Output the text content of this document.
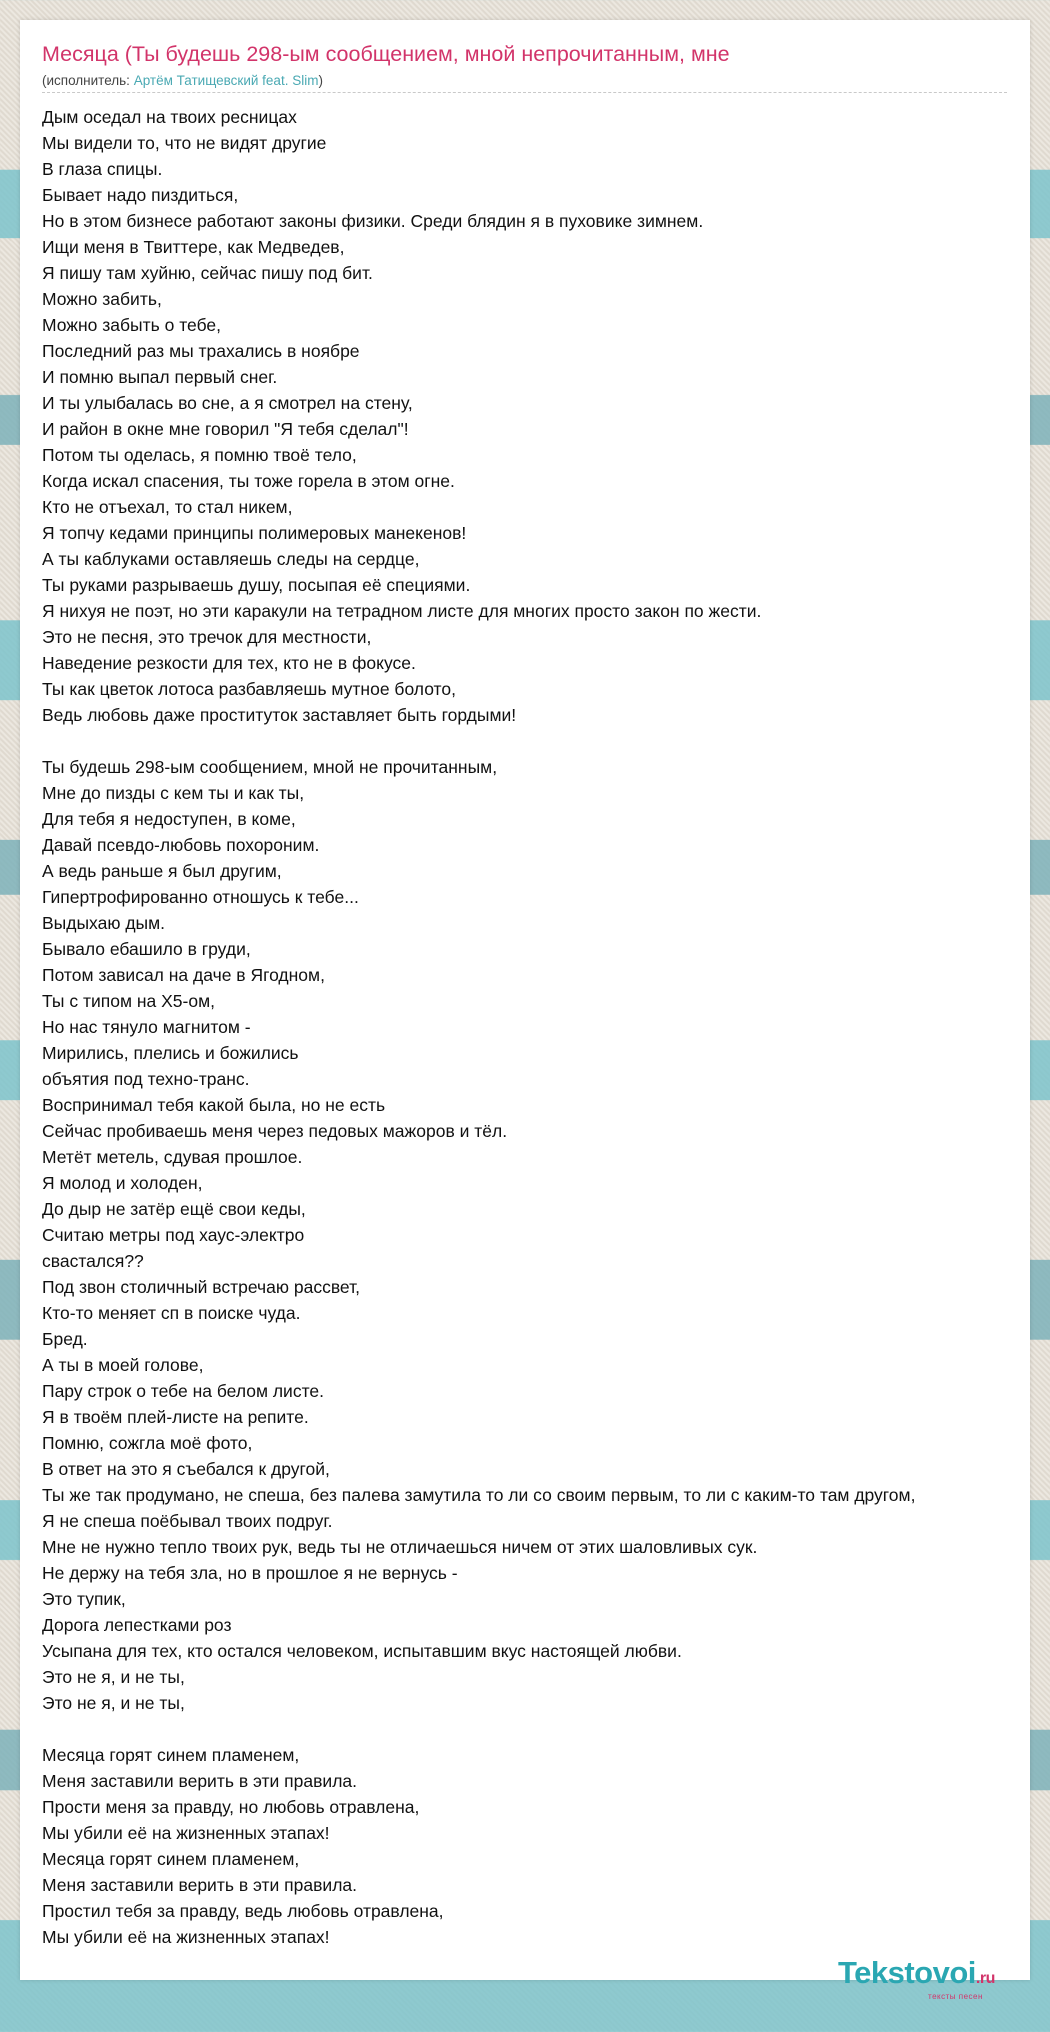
Месяца (Ты будешь 298-ым сообщением, мной непрочитанным, мне
(исполнитель: Артём Татищевский feat. Slim)
Дым оседал на твоих ресницах
Мы видели то, что не видят другие
В глаза спицы.
Бывает надо пиздиться,
Но в этом бизнесе работают законы физики. Среди блядин я в пуховике зимнем.
Ищи меня в Твиттере, как Медведев,
Я пишу там хуйню, сейчас пишу под бит.
Можно забить,
Можно забыть о тебе,
Последний раз мы трахались в ноябре
И помню выпал первый снег.
И ты улыбалась во сне, а я смотрел на стену,
И район в окне мне говорил "Я тебя сделал"!
Потом ты оделась, я помню твоё тело,
Когда искал спасения, ты тоже горела в этом огне.
Кто не отъехал, то стал никем,
Я топчу кедами принципы полимеровых манекенов!
А ты каблуками оставляешь следы на сердце,
Ты руками разрываешь душу, посыпая её специями.
Я нихуя не поэт, но эти каракули на тетрадном листе для многих просто закон по жести.
Это не песня, это тречок для местности,
Наведение резкости для тех, кто не в фокусе.
Ты как цветок лотоса разбавляешь мутное болото,
Ведь любовь даже проституток заставляет быть гордыми!
Ты будешь 298-ым сообщением, мной не прочитанным,
Мне до пизды с кем ты и как ты,
Для тебя я недоступен, в коме,
Давай псевдо-любовь похороним.
А ведь раньше я был другим,
Гипертрофированно отношусь к тебе...
Выдыхаю дым.
Бывало ебашило в груди,
Потом зависал на даче в Ягодном,
Ты с типом на Х5-ом,
Но нас тянуло магнитом -
Мирились, плелись и божились
объятия под техно-транс.
Воспринимал тебя какой была, но не есть
Сейчас пробиваешь меня через педовых мажоров и тёл.
Метёт метель, сдувая прошлое.
Я молод и холоден,
До дыр не затёр ещё свои кеды,
Считаю метры под хаус-электро
свастался??
Под звон столичный встречаю рассвет,
Кто-то меняет сп в поиске чуда.
Бред.
А ты в моей голове,
Пару строк о тебе на белом листе.
Я в твоём плей-листе на репите.
Помню, сожгла моё фото,
В ответ на это я съебался к другой,
Ты же так продумано, не спеша, без палева замутила то ли со своим первым, то ли с каким-то там другом,
Я не спеша поёбывал твоих подруг.
Мне не нужно тепло твоих рук, ведь ты не отличаешься ничем от этих шаловливых сук.
Не держу на тебя зла, но в прошлое я не вернусь -
Это тупик,
Дорога лепестками роз
Усыпана для тех, кто остался человеком, испытавшим вкус настоящей любви.
Это не я, и не ты,
Это не я, и не ты,
Месяца горят синем пламенем,
Меня заставили верить в эти правила.
Прости меня за правду, но любовь отравлена,
Мы убили её на жизненных этапах!
Месяца горят синем пламенем,
Меня заставили верить в эти правила.
Простил тебя за правду, ведь любовь отравлена,
Мы убили её на жизненных этапах!
Tekstovoi.ru
тексты песен
